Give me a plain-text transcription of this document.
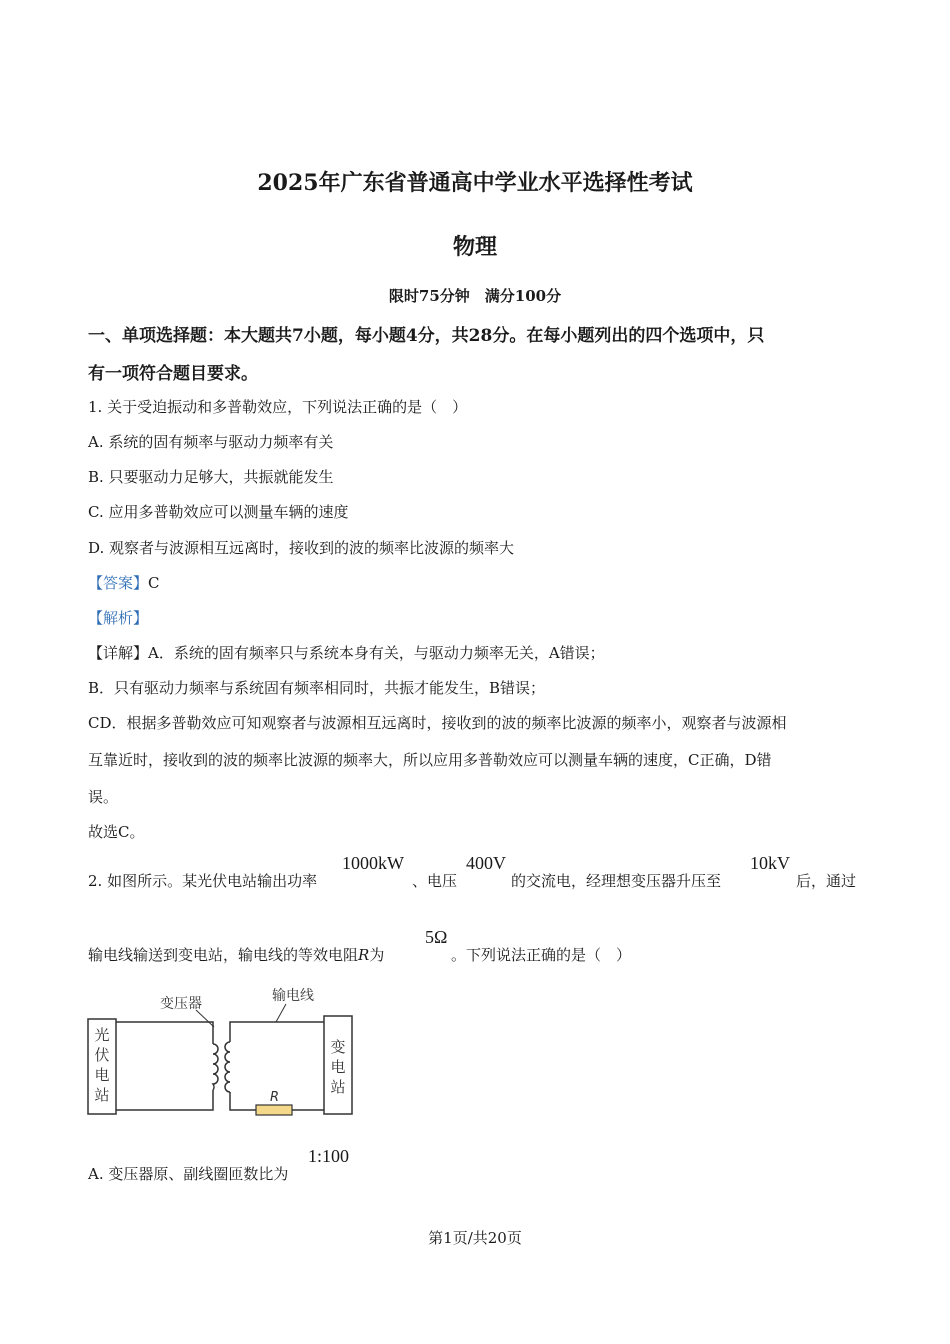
2025年广东省普通高中学业水平选择性考试
物理
限时75分钟　满分100分
一、单项选择题：本大题共7小题，每小题4分，共28分。在每小题列出的四个选项中，只
有一项符合题目要求。
1. 关于受迫振动和多普勒效应，下列说法正确的是（　）
A. 系统的固有频率与驱动力频率有关
B. 只要驱动力足够大，共振就能发生
C. 应用多普勒效应可以测量车辆的速度
D. 观察者与波源相互远离时，接收到的波的频率比波源的频率大
【答案】C
【解析】
【详解】A．系统的固有频率只与系统本身有关，与驱动力频率无关，A错误；
B．只有驱动力频率与系统固有频率相同时，共振才能发生，B错误；
CD．根据多普勒效应可知观察者与波源相互远离时，接收到的波的频率比波源的频率小，观察者与波源相
互靠近时，接收到的波的频率比波源的频率大，所以应用多普勒效应可以测量车辆的速度，C正确，D错
误。
故选C。
2. 如图所示。某光伏电站输出功率
1000kW
、电压
400V
的交流电，经理想变压器升压至
10kV
后，通过
输电线输送到变电站，输电线的等效电阻R为
5Ω
。下列说法正确的是（　）
光
伏
电
站	R
变
电
站
变压器	输电线
A. 变压器原、副线圈匝数比为
1:100
第1页/共20页
